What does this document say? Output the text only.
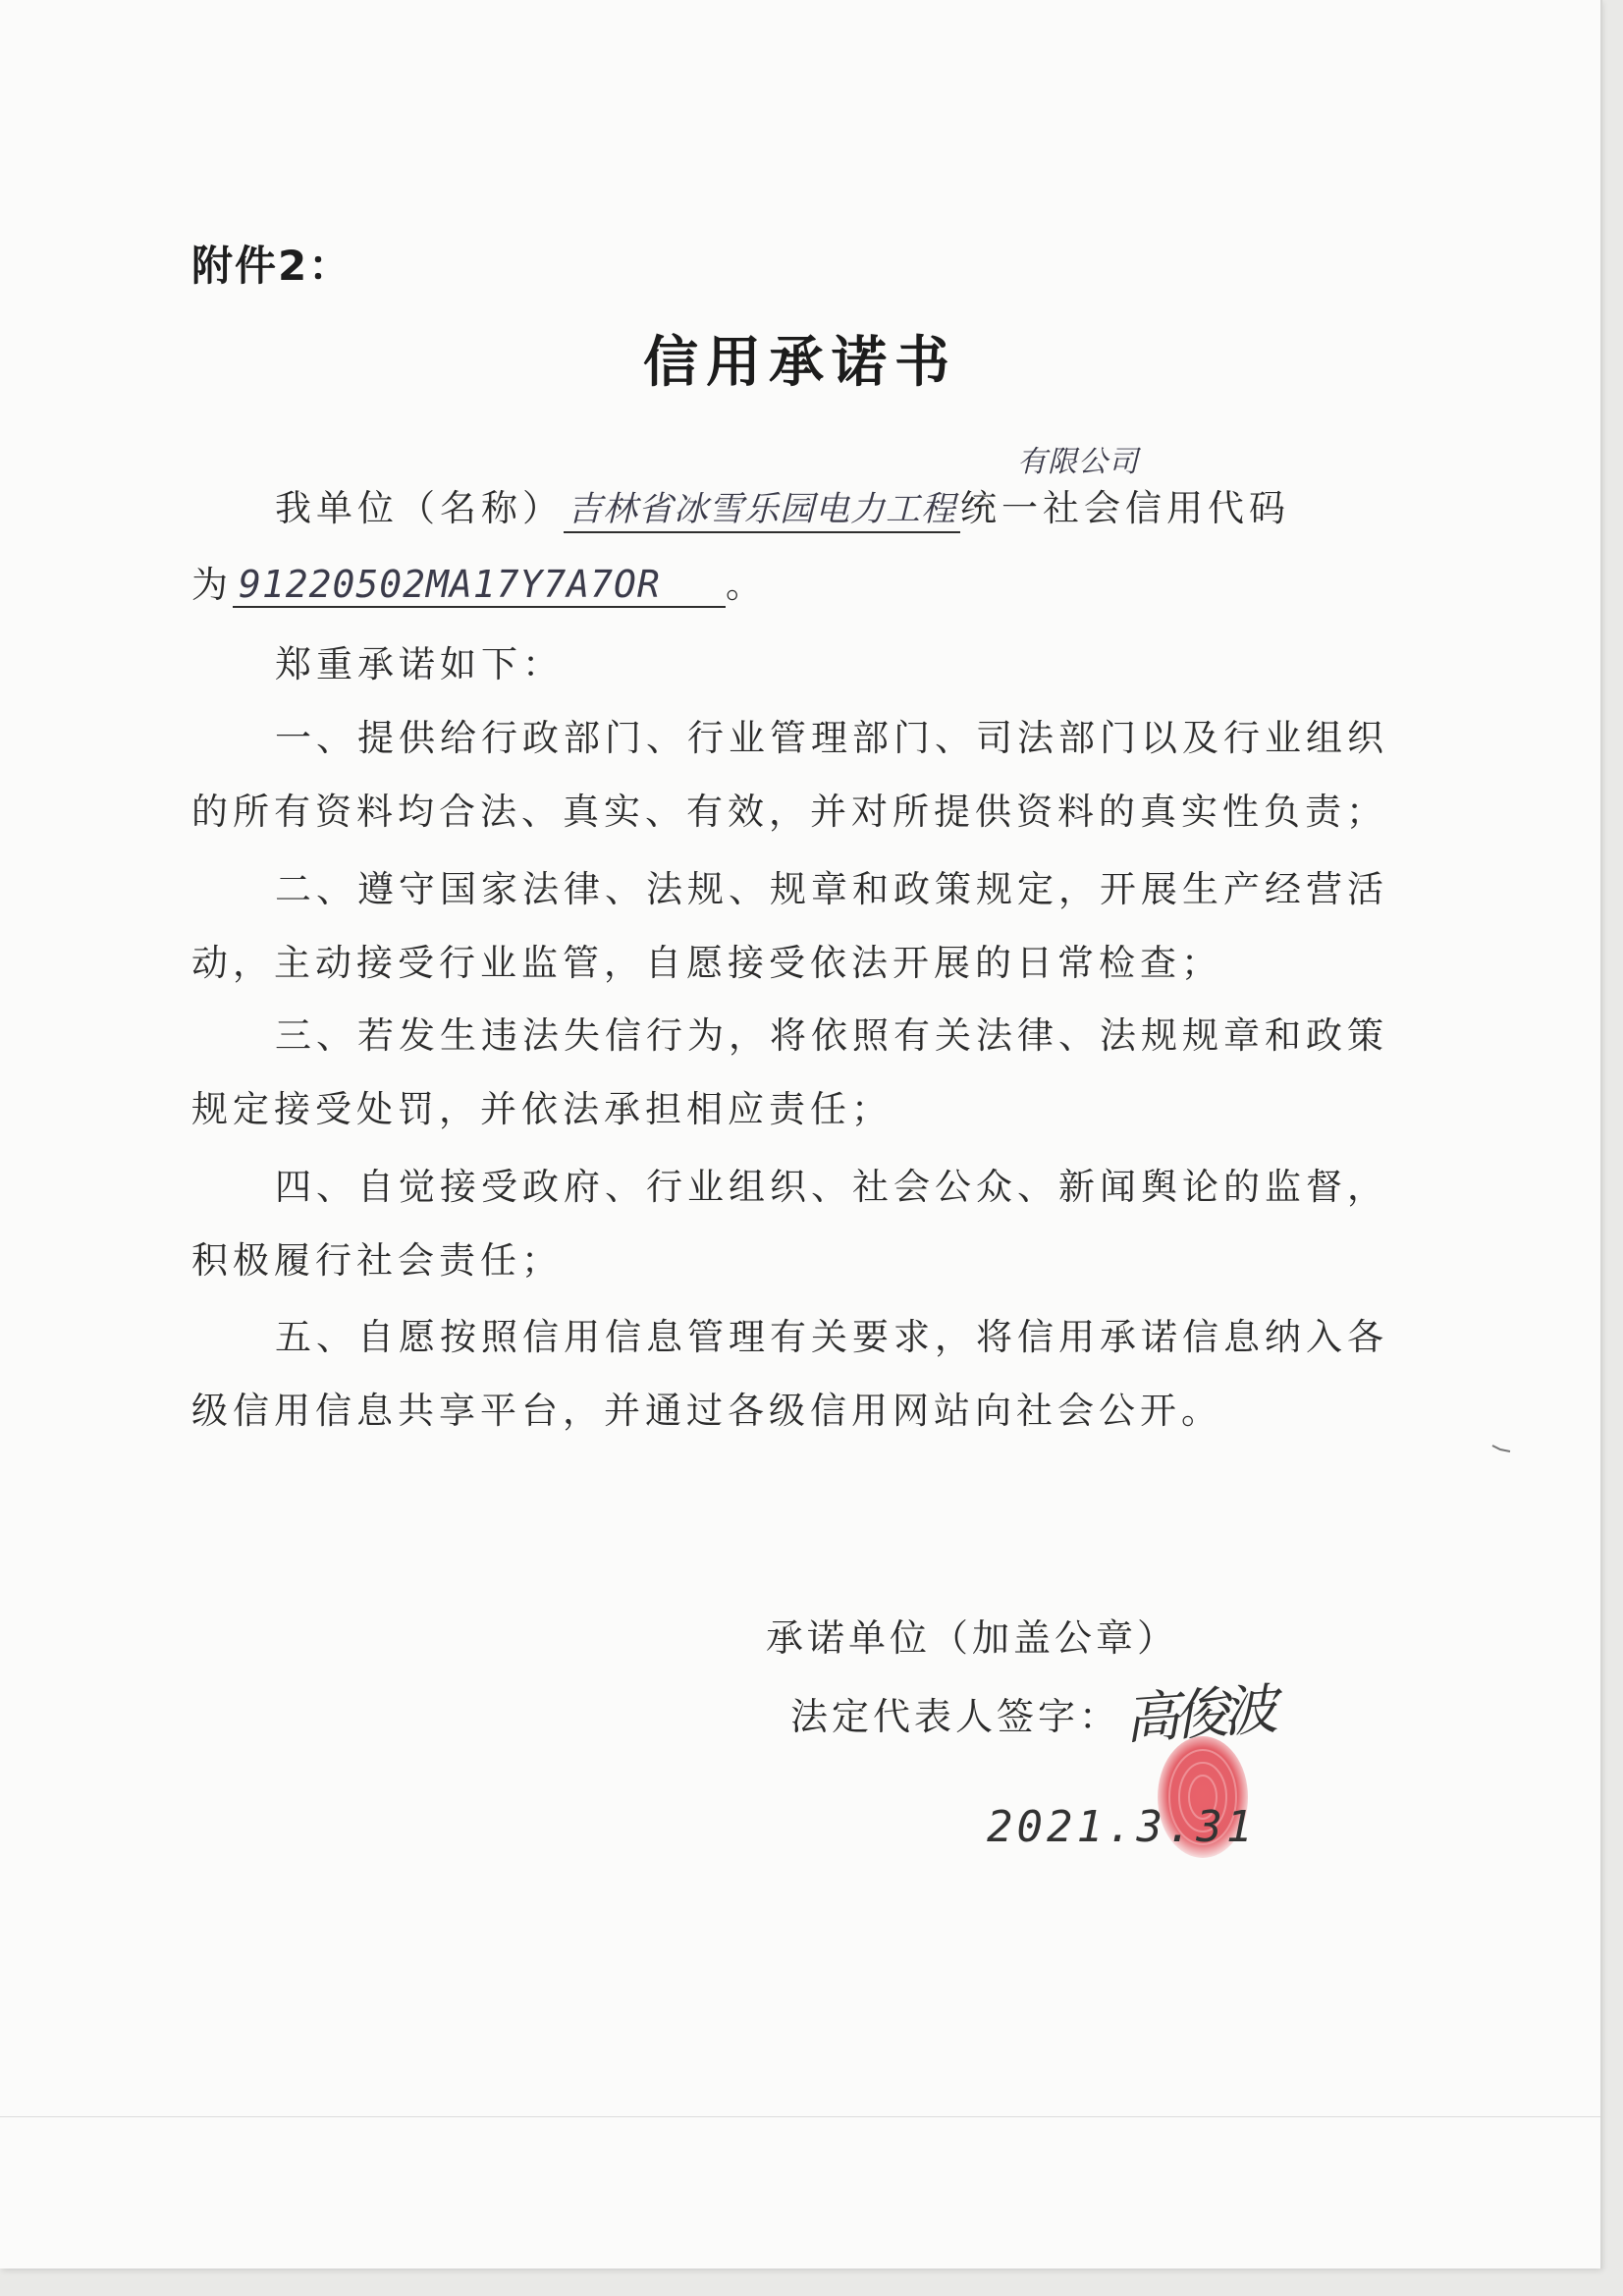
附件2：
信用承诺书
有限公司
我单位（名称） 吉林省冰雪乐园电力工程 统一社会信用代码
为 91220502MA17Y7A7OR 。
郑重承诺如下：
一、提供给行政部门、行业管理部门、司法部门以及行业组织
的所有资料均合法、真实、有效，并对所提供资料的真实性负责；
二、遵守国家法律、法规、规章和政策规定，开展生产经营活
动，主动接受行业监管，自愿接受依法开展的日常检查；
三、若发生违法失信行为，将依照有关法律、法规规章和政策
规定接受处罚，并依法承担相应责任；
四、自觉接受政府、行业组织、社会公众、新闻舆论的监督，
积极履行社会责任；
五、自愿按照信用信息管理有关要求，将信用承诺信息纳入各
级信用信息共享平台，并通过各级信用网站向社会公开。
承诺单位（加盖公章）
法定代表人签字： 高俊波
2021.3.31
